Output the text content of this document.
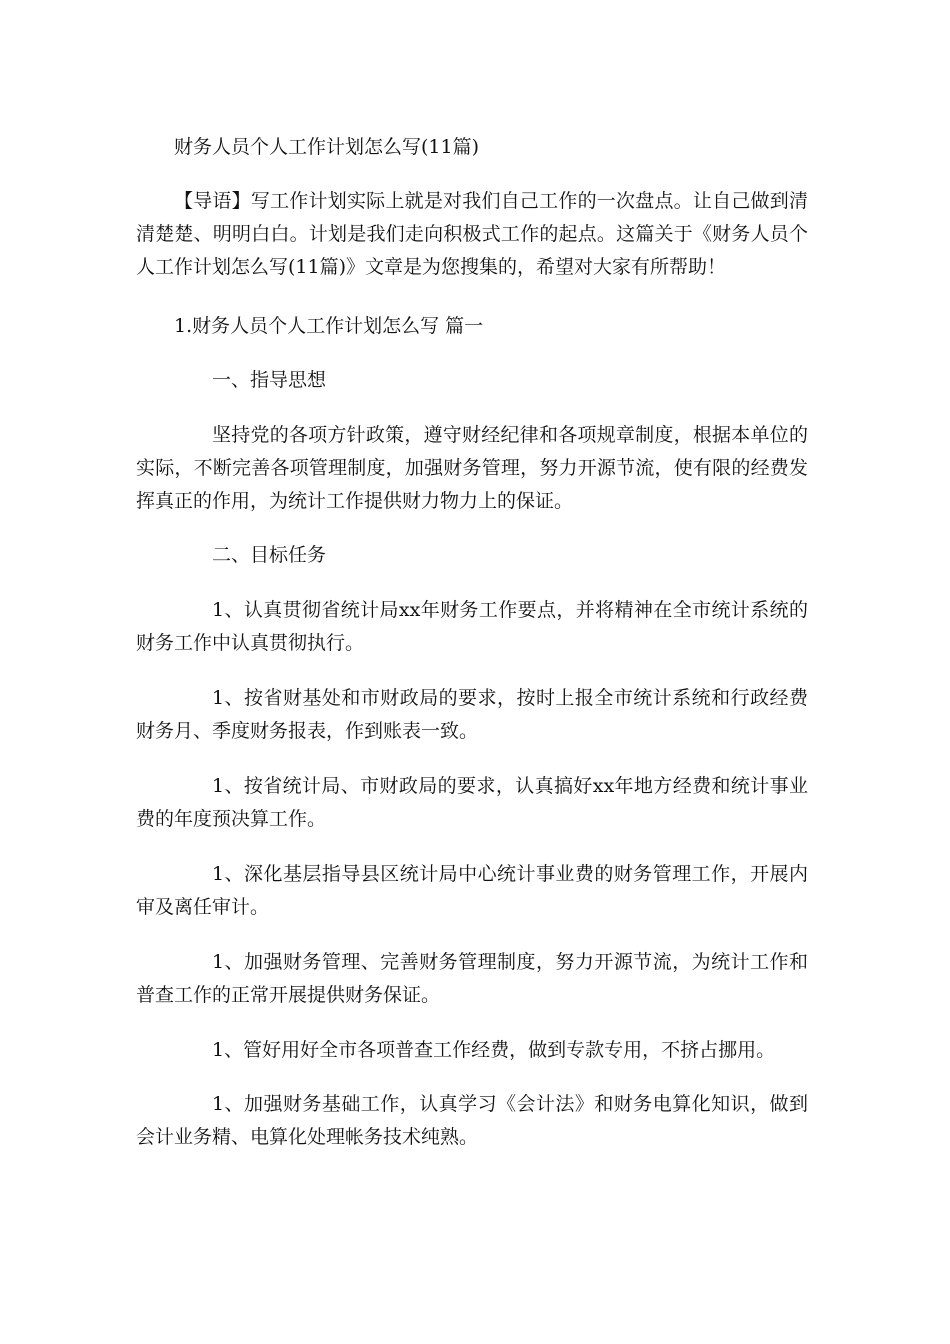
财务人员个人工作计划怎么写(11篇)
【导语】写工作计划实际上就是对我们自己工作的一次盘点。让自己做到清清楚楚、明明白白。计划是我们走向积极式工作的起点。这篇关于《财务人员个人工作计划怎么写(11篇)》文章是为您搜集的，希望对大家有所帮助！
1.财务人员个人工作计划怎么写 篇一
一、指导思想
坚持党的各项方针政策，遵守财经纪律和各项规章制度，根据本单位的实际，不断完善各项管理制度，加强财务管理，努力开源节流，使有限的经费发挥真正的作用，为统计工作提供财力物力上的保证。
二、目标任务
1、认真贯彻省统计局xx年财务工作要点，并将精神在全市统计系统的财务工作中认真贯彻执行。
1、按省财基处和市财政局的要求，按时上报全市统计系统和行政经费财务月、季度财务报表，作到账表一致。
1、按省统计局、市财政局的要求，认真搞好xx年地方经费和统计事业费的年度预决算工作。
1、深化基层指导县区统计局中心统计事业费的财务管理工作，开展内审及离任审计。
1、加强财务管理、完善财务管理制度，努力开源节流，为统计工作和普查工作的正常开展提供财务保证。
1、管好用好全市各项普查工作经费，做到专款专用，不挤占挪用。
1、加强财务基础工作，认真学习《会计法》和财务电算化知识，做到会计业务精、电算化处理帐务技术纯熟。
